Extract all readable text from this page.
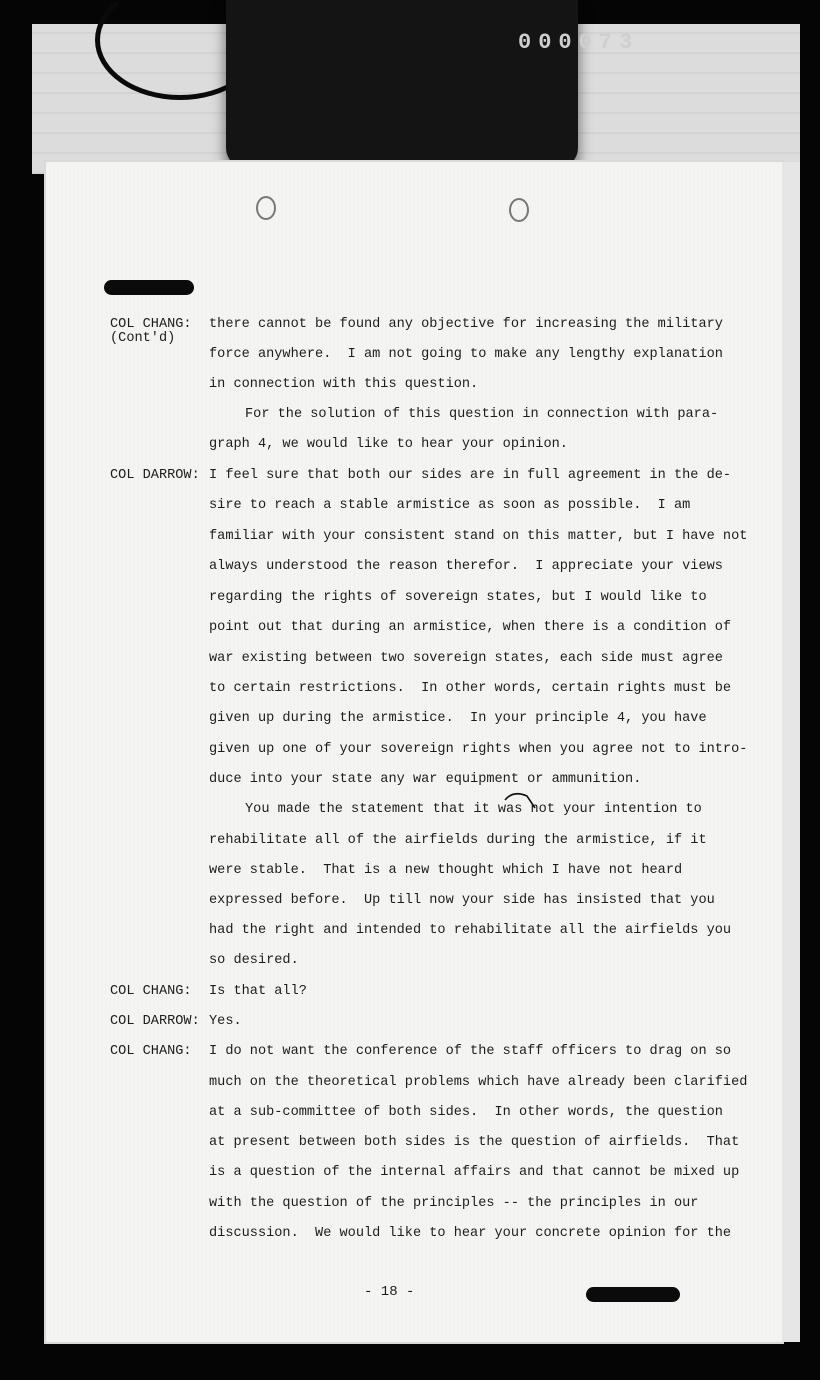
000073
COL CHANG:
(Cont'd)
COL DARROW:
COL CHANG:
COL DARROW:
COL CHANG:
there cannot be found any objective for increasing the military
force anywhere.  I am not going to make any lengthy explanation
in connection with this question.
For the solution of this question in connection with para-
graph 4, we would like to hear your opinion.
I feel sure that both our sides are in full agreement in the de-
sire to reach a stable armistice as soon as possible.  I am
familiar with your consistent stand on this matter, but I have not
always understood the reason therefor.  I appreciate your views
regarding the rights of sovereign states, but I would like to
point out that during an armistice, when there is a condition of
war existing between two sovereign states, each side must agree
to certain restrictions.  In other words, certain rights must be
given up during the armistice.  In your principle 4, you have
given up one of your sovereign rights when you agree not to intro-
duce into your state any war equipment or ammunition.
You made the statement that it was not your intention to
rehabilitate all of the airfields during the armistice, if it
were stable.  That is a new thought which I have not heard
expressed before.  Up till now your side has insisted that you
had the right and intended to rehabilitate all the airfields you
so desired.
Is that all?
Yes.
I do not want the conference of the staff officers to drag on so
much on the theoretical problems which have already been clarified
at a sub-committee of both sides.  In other words, the question
at present between both sides is the question of airfields.  That
is a question of the internal affairs and that cannot be mixed up
with the question of the principles -- the principles in our
discussion.  We would like to hear your concrete opinion for the
- 18 -
